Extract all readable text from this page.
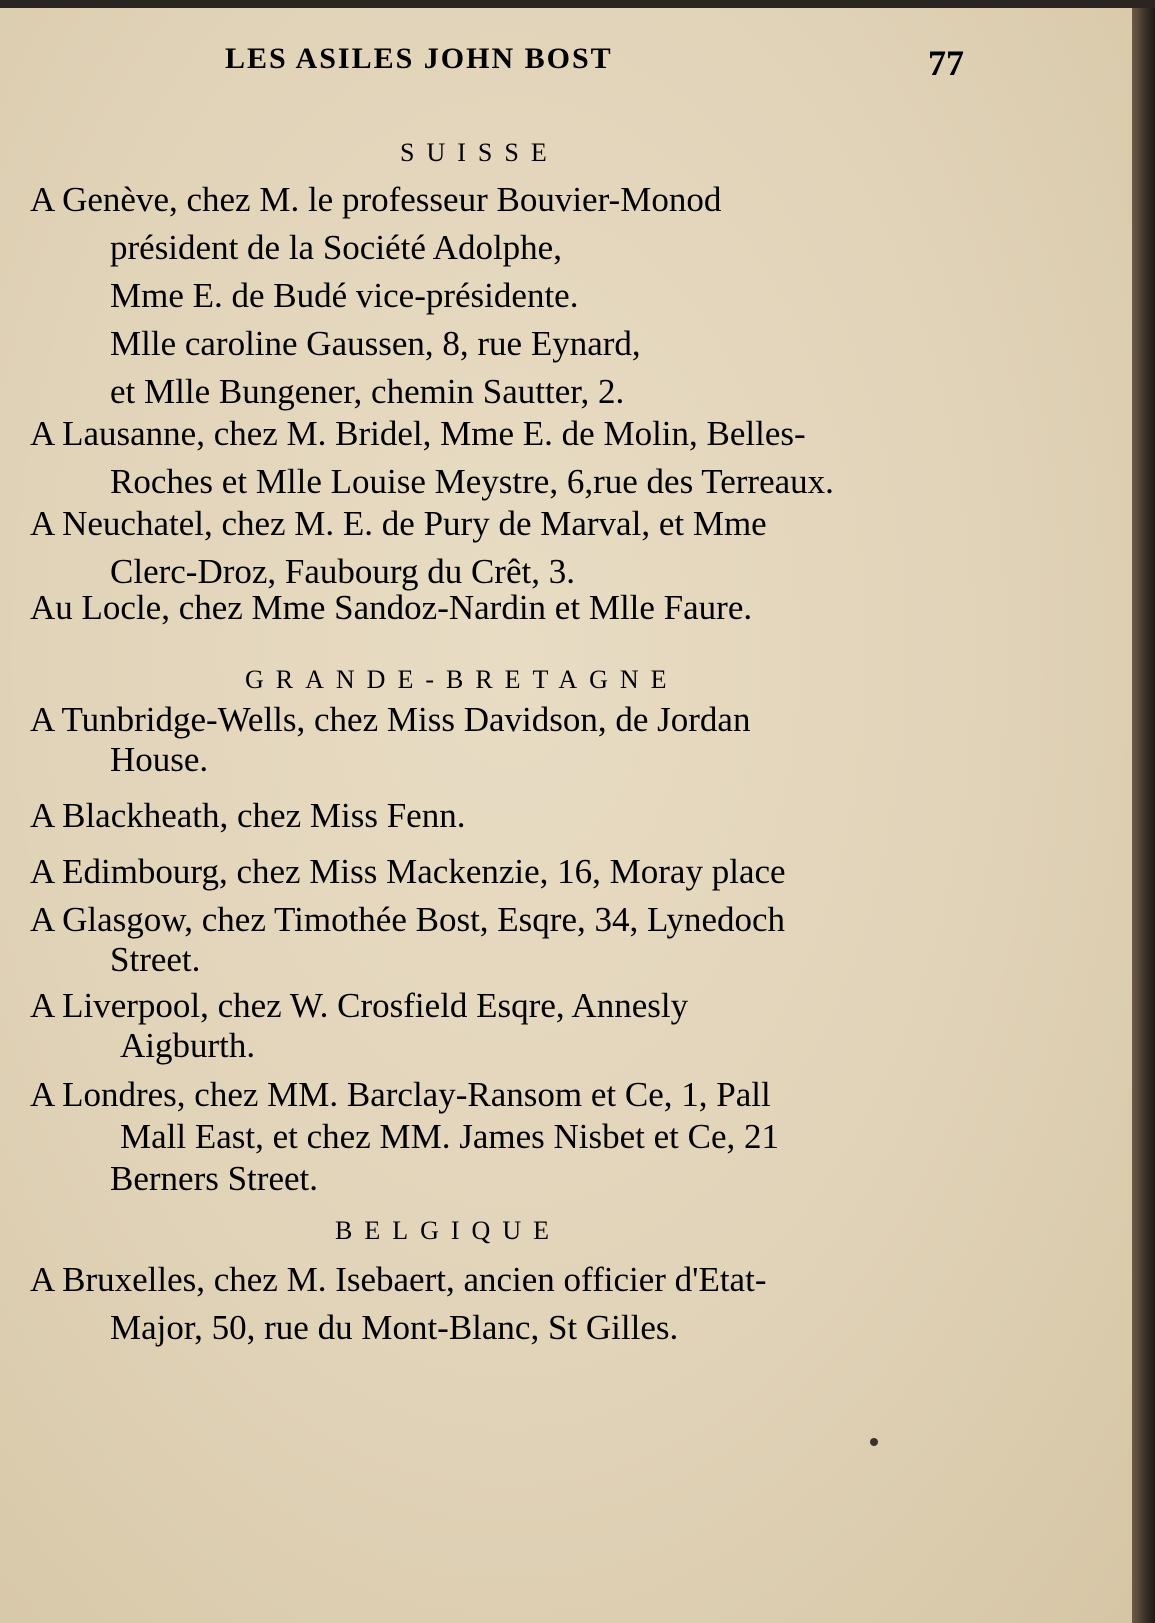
LES ASILES JOHN BOST	77
SUISSE
A Genève, chez M. le professeur Bouvier-Monod
président de la Société Adolphe,
Mme E. de Budé vice-présidente.
Mlle caroline Gaussen, 8, rue Eynard,
et Mlle Bungener, chemin Sautter, 2.
A Lausanne, chez M. Bridel, Mme E. de Molin, Belles-
Roches et Mlle Louise Meystre, 6,rue des Terreaux.
A Neuchatel, chez M. E. de Pury de Marval, et Mme
Clerc-Droz, Faubourg du Crêt, 3.
Au Locle, chez Mme Sandoz-Nardin et Mlle Faure.
GRANDE-BRETAGNE
A Tunbridge-Wells, chez Miss Davidson, de Jordan
House.
A Blackheath, chez Miss Fenn.
A Edimbourg, chez Miss Mackenzie, 16, Moray place
A Glasgow, chez Timothée Bost, Esqre, 34, Lynedoch
Street.
A Liverpool, chez W. Crosfield Esqre, Annesly
Aigburth.
A Londres, chez MM. Barclay-Ransom et Ce, 1, Pall
Mall East, et chez MM. James Nisbet et Ce, 21
Berners Street.
BELGIQUE
A Bruxelles, chez M. Isebaert, ancien officier d'Etat-
Major, 50, rue du Mont-Blanc, St Gilles.
